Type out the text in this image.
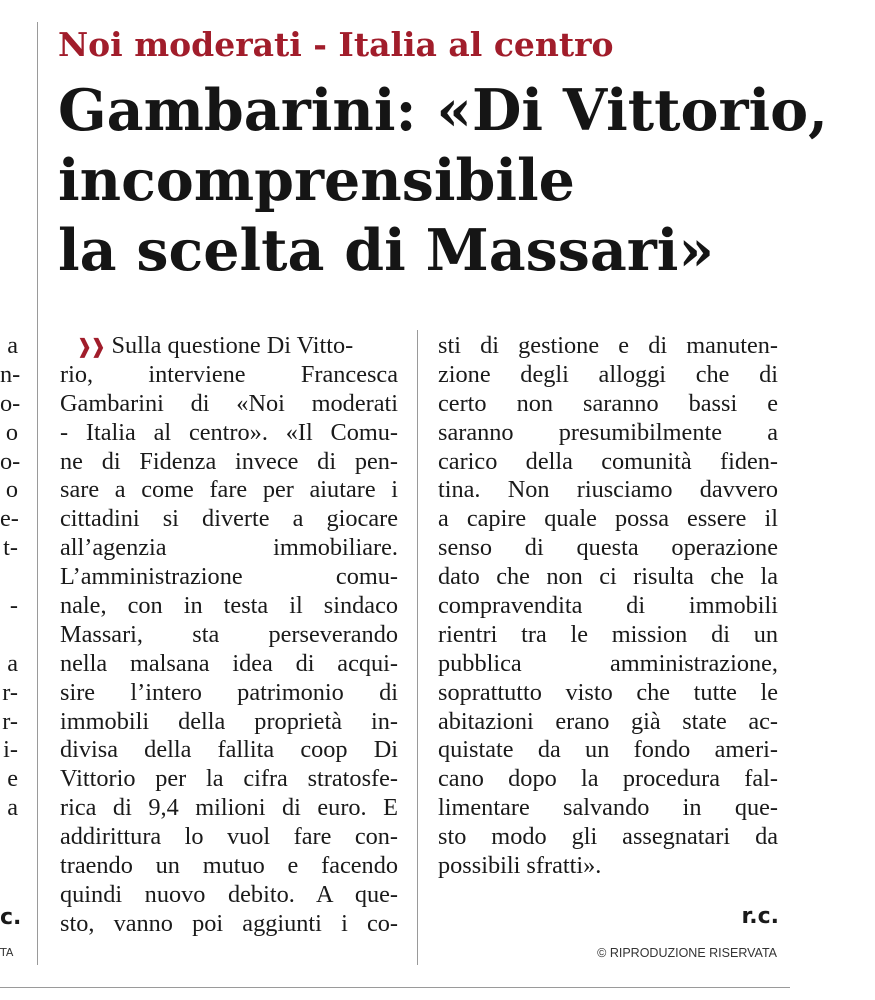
a
n-
o-
o
o-
o
e-
t-
-
a
r-
r-
i-
e
a
c.
TA
Noi moderati - Italia al centro
Gambarini: «Di Vittorio,
incomprensibile
la scelta di Massari»
❱❱ Sulla questione Di Vitto-
rio, interviene Francesca
Gambarini di «Noi moderati
- Italia al centro». «Il Comu-
ne di Fidenza invece di pen-
sare a come fare per aiutare i
cittadini si diverte a giocare
all’agenzia immobiliare.
L’amministrazione comu-
nale, con in testa il sindaco
Massari, sta perseverando
nella malsana idea di acqui-
sire l’intero patrimonio di
immobili della proprietà in-
divisa della fallita coop Di
Vittorio per la cifra stratosfe-
rica di 9,4 milioni di euro. E
addirittura lo vuol fare con-
traendo un mutuo e facendo
quindi nuovo debito. A que-
sto, vanno poi aggiunti i co-
sti di gestione e di manuten-
zione degli alloggi che di
certo non saranno bassi e
saranno presumibilmente a
carico della comunità fiden-
tina. Non riusciamo davvero
a capire quale possa essere il
senso di questa operazione
dato che non ci risulta che la
compravendita di immobili
rientri tra le mission di un
pubblica amministrazione,
soprattutto visto che tutte le
abitazioni erano già state ac-
quistate da un fondo ameri-
cano dopo la procedura fal-
limentare salvando in que-
sto modo gli assegnatari da
possibili sfratti».
r.c.
© RIPRODUZIONE RISERVATA
